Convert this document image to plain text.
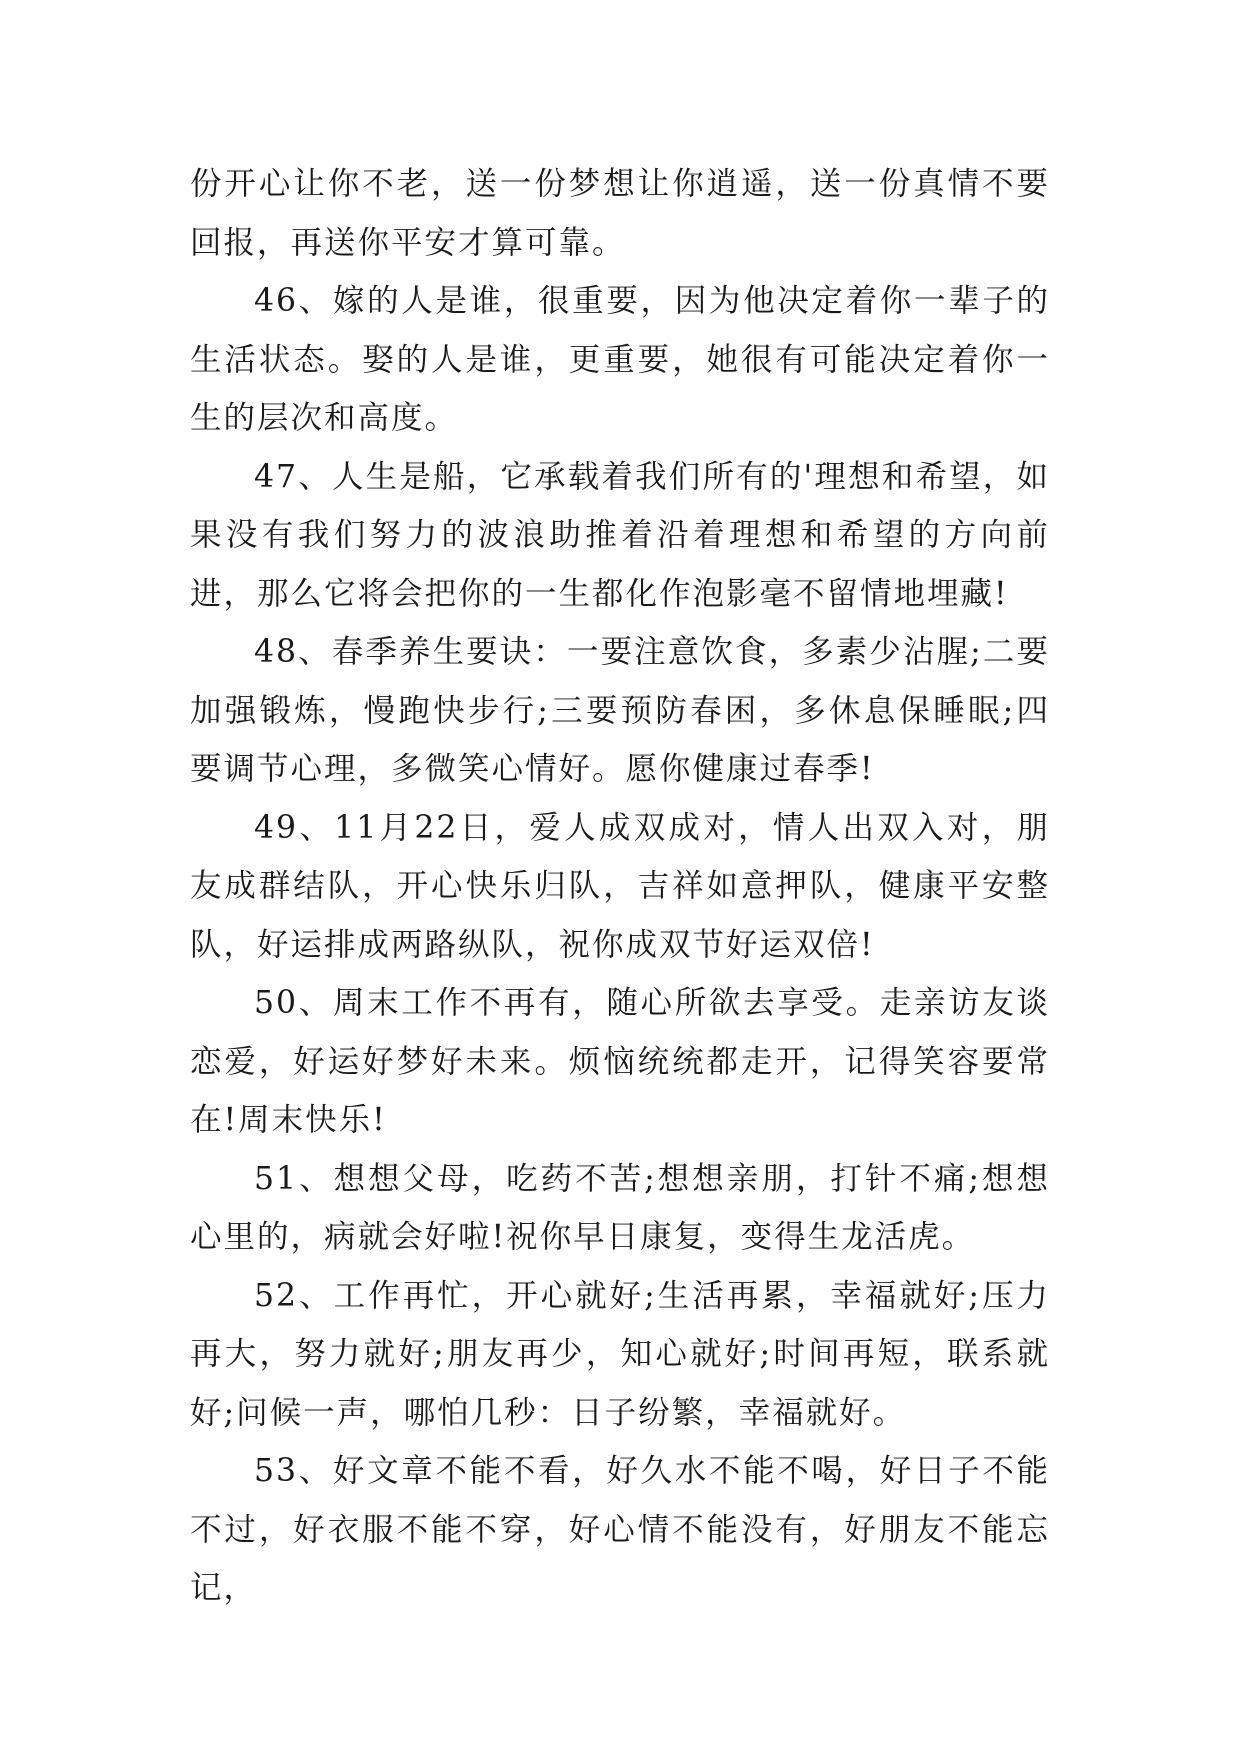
份开心让你不老，送一份梦想让你逍遥，送一份真情不要回报，再送你平安才算可靠。

46、嫁的人是谁，很重要，因为他决定着你一辈子的生活状态。娶的人是谁，更重要，她很有可能决定着你一生的层次和高度。

47、人生是船，它承载着我们所有的'理想和希望，如果没有我们努力的波浪助推着沿着理想和希望的方向前进，那么它将会把你的一生都化作泡影毫不留情地埋藏!

48、春季养生要诀：一要注意饮食，多素少沾腥;二要加强锻炼，慢跑快步行;三要预防春困，多休息保睡眠;四要调节心理，多微笑心情好。愿你健康过春季!

49、11月22日，爱人成双成对，情人出双入对，朋友成群结队，开心快乐归队，吉祥如意押队，健康平安整队，好运排成两路纵队，祝你成双节好运双倍!

50、周末工作不再有，随心所欲去享受。走亲访友谈恋爱，好运好梦好未来。烦恼统统都走开，记得笑容要常在!周末快乐!

51、想想父母，吃药不苦;想想亲朋，打针不痛;想想心里的，病就会好啦!祝你早日康复，变得生龙活虎。

52、工作再忙，开心就好;生活再累，幸福就好;压力再大，努力就好;朋友再少，知心就好;时间再短，联系就好;问候一声，哪怕几秒：日子纷繁，幸福就好。

53、好文章不能不看，好久水不能不喝，好日子不能不过，好衣服不能不穿，好心情不能没有，好朋友不能忘记，
